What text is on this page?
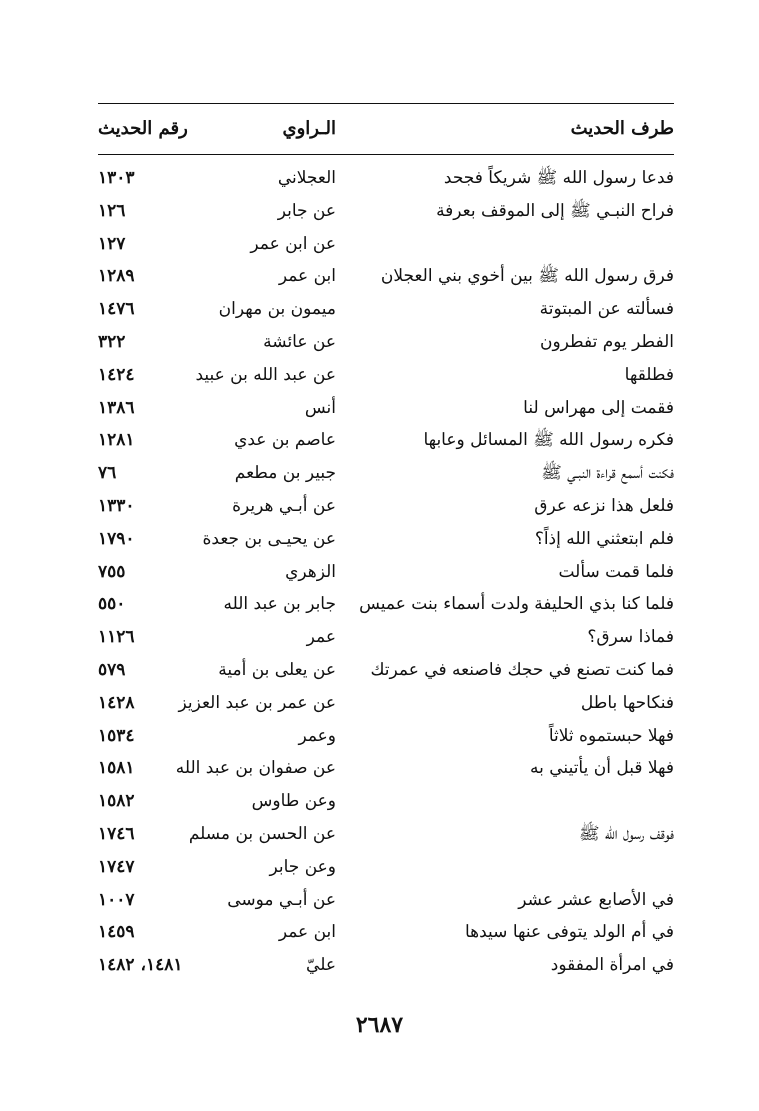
طرف الحديث
الـراوي
رقم الحديث
فدعا رسول الله ﷺ شريكاً فجحد
العجلاني
١٣٠٣
فراح النبـي ﷺ إلى الموقف بعرفة
عن جابر
١٢٦
عن ابن عمر
١٢٧
فرق رسول الله ﷺ بين أخوي بني العجلان
ابن عمر
١٢٨٩
فسألته عن المبتوتة
ميمون بن مهران
١٤٧٦
الفطر يوم تفطرون
عن عائشة
٣٢٢
فطلقها
عن عبد الله بن عبيد
١٤٢٤
فقمت إلى مهراس لنا
أنس
١٣٨٦
فكره رسول الله ﷺ المسائل وعابها
عاصم بن عدي
١٢٨١
فكنت أسمع قراءة النبـي ﷺ
جبير بن مطعم
٧٦
فلعل هذا نزعه عرق
عن أبـي هريرة
١٣٣٠
فلم ابتعثني الله إذاً؟
عن يحيـى بن جعدة
١٧٩٠
فلما قمت سألت
الزهري
٧٥٥
فلما كنا بذي الحليفة ولدت أسماء بنت عميس
جابر بن عبد الله
٥٥٠
فماذا سرق؟
عمر
١١٢٦
فما كنت تصنع في حجك فاصنعه في عمرتك
عن يعلى بن أمية
٥٧٩
فنكاحها باطل
عن عمر بن عبد العزيز
١٤٢٨
فهلا حبستموه ثلاثاً
وعمر
١٥٣٤
فهلا قبل أن يأتيني به
عن صفوان بن عبد الله
١٥٨١
وعن طاوس
١٥٨٢
فوقف رسول الله ﷺ
عن الحسن بن مسلم
١٧٤٦
وعن جابر
١٧٤٧
في الأصابع عشر عشر
عن أبـي موسى
١٠٠٧
في أم الولد يتوفى عنها سيدها
ابن عمر
١٤٥٩
في امرأة المفقود
عليّ
١٤٨١، ١٤٨٢
٢٦٨٧
